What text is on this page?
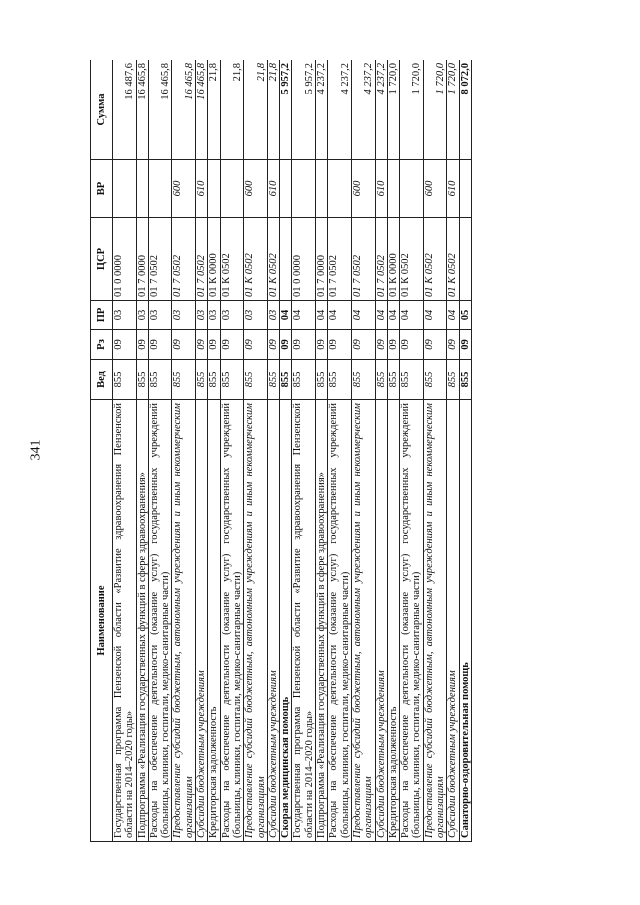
341
Наименование	Вед	Рз	ПР	ЦСР	ВР	Сумма
Государственная программа Пензенской области «Развитие здравоохранения Пензенской области на 2014–2020 годы»	855	09	03	01 0 0000		16 487,6
Подпрограмма «Реализация государственных функций в сфере здравоохранения»	855	09	03	01 7 0000		16 465,8
Расходы на обеспечение деятельности (оказание услуг) государственных учреждений (больницы, клиники, госпитали, медико-санитарные части)	855	09	03	01 7 0502		16 465,8
Предоставление субсидий бюджетным, автономным учреждениям и иным некоммерческим организациям	855	09	03	01 7 0502	600	16 465,8
Субсидии бюджетным учреждениям	855	09	03	01 7 0502	610	16 465,8
Кредиторская задолженность	855	09	03	01 К 0000		21,8
Расходы на обеспечение деятельности (оказание услуг) государственных учреждений (больницы, клиники, госпитали, медико-санитарные части)	855	09	03	01 К 0502		21,8
Предоставление субсидий бюджетным, автономным учреждениям и иным некоммерческим организациям	855	09	03	01 К 0502	600	21,8
Субсидии бюджетным учреждениям	855	09	03	01 К 0502	610	21,8
Скорая медицинская помощь	855	09	04			5 957,2
Государственная программа Пензенской области «Развитие здравоохранения Пензенской области на 2014–2020 годы»	855	09	04	01 0 0000		5 957,2
Подпрограмма «Реализация государственных функций в сфере здравоохранения»	855	09	04	01 7 0000		4 237,2
Расходы на обеспечение деятельности (оказание услуг) государственных учреждений (больницы, клиники, госпитали, медико-санитарные части)	855	09	04	01 7 0502		4 237,2
Предоставление субсидий бюджетным, автономным учреждениям и иным некоммерческим организациям	855	09	04	01 7 0502	600	4 237,2
Субсидии бюджетным учреждениям	855	09	04	01 7 0502	610	4 237,2
Кредиторская задолженность	855	09	04	01 К 0000		1 720,0
Расходы на обеспечение деятельности (оказание услуг) государственных учреждений (больницы, клиники, госпитали, медико-санитарные части)	855	09	04	01 К 0502		1 720,0
Предоставление субсидий бюджетным, автономным учреждениям и иным некоммерческим организациям	855	09	04	01 К 0502	600	1 720,0
Субсидии бюджетным учреждениям	855	09	04	01 К 0502	610	1 720,0
Санаторно-оздоровительная помощь	855	09	05			8 072,0
